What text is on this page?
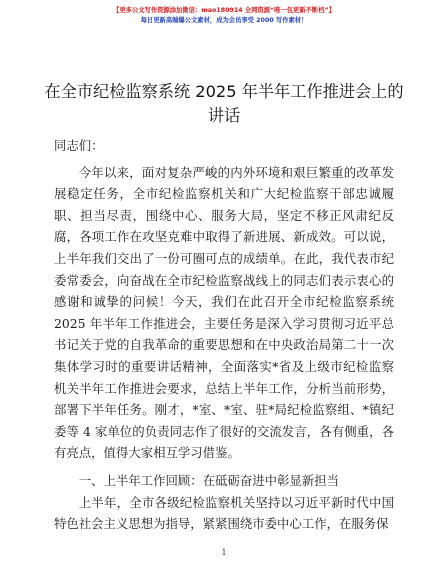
【更多公文写作资源添加微信：mao180914 全网资源“唯一包更新不断档”】
每日更新高端爆公文素材，成为会员享受 2000 写作素材！
在全市纪检监察系统 2025 年半年工作推进会上的讲话

同志们：

今年以来，面对复杂严峻的内外环境和艰巨繁重的改革发展稳定任务，全市纪检监察机关和广大纪检监察干部忠诚履职、担当尽责，围绕中心、服务大局，坚定不移正风肃纪反腐，各项工作在攻坚克难中取得了新进展、新成效。可以说，上半年我们交出了一份可圈可点的成绩单。在此，我代表市纪委常委会，向奋战在全市纪检监察战线上的同志们表示衷心的感谢和诚挚的问候！今天，我们在此召开全市纪检监察系统 2025 年半年工作推进会，主要任务是深入学习贯彻习近平总书记关于党的自我革命的重要思想和在中央政治局第二十一次集体学习时的重要讲话精神，全面落实*省及上级市纪检监察机关半年工作推进会要求，总结上半年工作，分析当前形势，部署下半年任务。刚才，*室、*室、驻*局纪检监察组、*镇纪委等 4 家单位的负责同志作了很好的交流发言，各有侧重，各有亮点，值得大家相互学习借鉴。

一、上半年工作回顾：在砥砺奋进中彰显新担当

上半年，全市各级纪检监察机关坚持以习近平新时代中国特色社会主义思想为指导，紧紧围绕市委中心工作，在服务保

1
